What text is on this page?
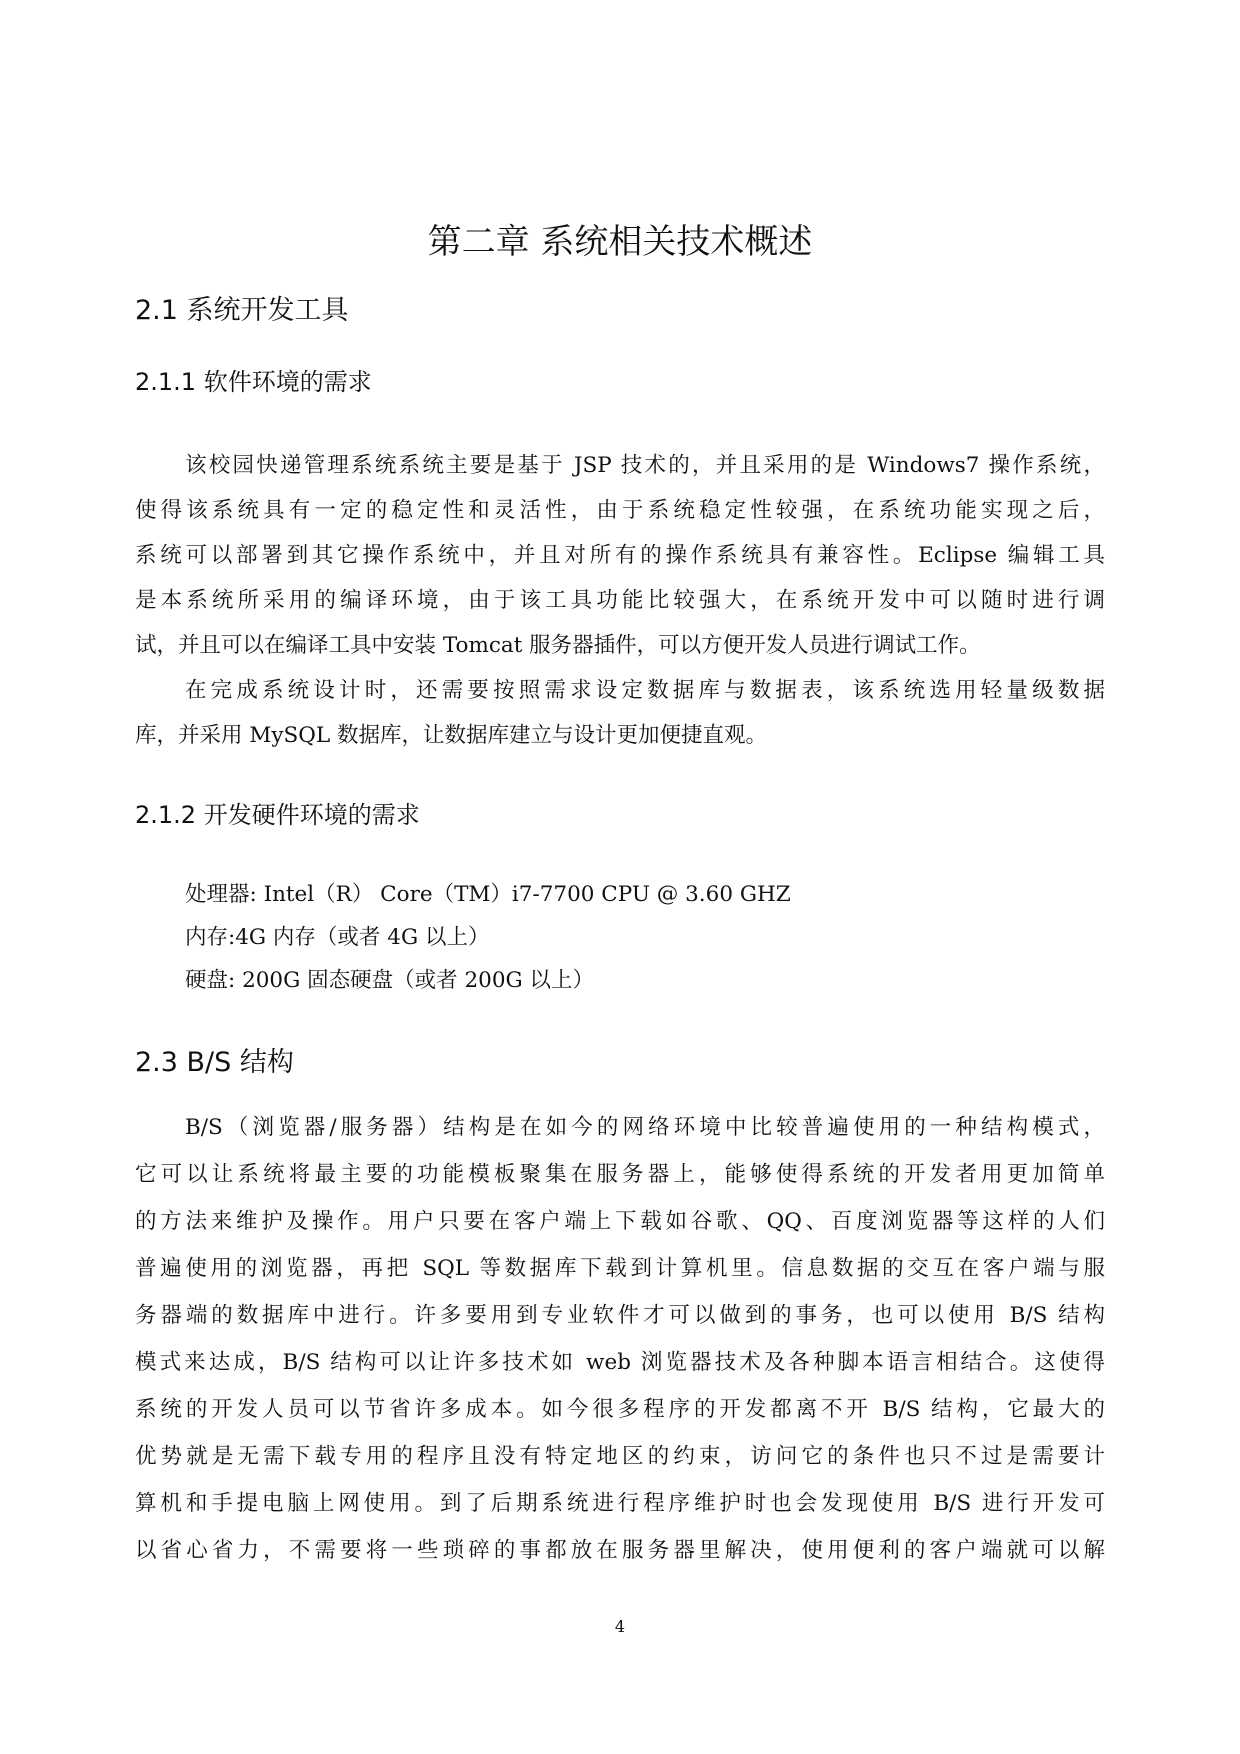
第二章 系统相关技术概述
2.1 系统开发工具
2.1.1 软件环境的需求
该校园快递管理系统系统主要是基于 JSP 技术的，并且采用的是 Windows7 操作系统，
使得该系统具有一定的稳定性和灵活性，由于系统稳定性较强，在系统功能实现之后，
系统可以部署到其它操作系统中，并且对所有的操作系统具有兼容性。Eclipse 编辑工具
是本系统所采用的编译环境，由于该工具功能比较强大，在系统开发中可以随时进行调
试，并且可以在编译工具中安装 Tomcat 服务器插件，可以方便开发人员进行调试工作。
在完成系统设计时，还需要按照需求设定数据库与数据表，该系统选用轻量级数据
库，并采用 MySQL 数据库，让数据库建立与设计更加便捷直观。
2.1.2 开发硬件环境的需求
处理器: Intel（R） Core（TM）i7-7700 CPU @ 3.60 GHZ
内存:4G 内存（或者 4G 以上）
硬盘: 200G 固态硬盘（或者 200G 以上）
2.3 B/S 结构
B/S（浏览器/服务器）结构是在如今的网络环境中比较普遍使用的一种结构模式，
它可以让系统将最主要的功能模板聚集在服务器上，能够使得系统的开发者用更加简单
的方法来维护及操作。用户只要在客户端上下载如谷歌、QQ、百度浏览器等这样的人们
普遍使用的浏览器，再把 SQL 等数据库下载到计算机里。信息数据的交互在客户端与服
务器端的数据库中进行。许多要用到专业软件才可以做到的事务，也可以使用 B/S 结构
模式来达成，B/S 结构可以让许多技术如 web 浏览器技术及各种脚本语言相结合。这使得
系统的开发人员可以节省许多成本。如今很多程序的开发都离不开 B/S 结构，它最大的
优势就是无需下载专用的程序且没有特定地区的约束，访问它的条件也只不过是需要计
算机和手提电脑上网使用。到了后期系统进行程序维护时也会发现使用 B/S 进行开发可
以省心省力，不需要将一些琐碎的事都放在服务器里解决，使用便利的客户端就可以解
4
